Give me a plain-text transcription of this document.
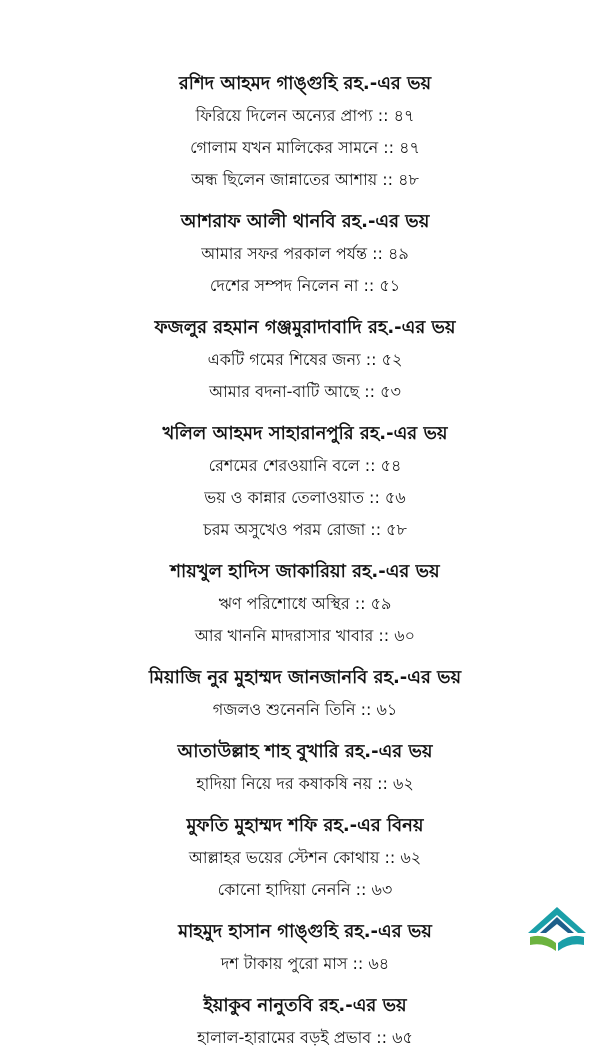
রশিদ আহমদ গাঙ্গুহি রহ.-এর ভয়
ফিরিয়ে দিলেন অন্যের প্রাপ্য :: ৪৭
গোলাম যখন মালিকের সামনে :: ৪৭
অন্ধ ছিলেন জান্নাতের আশায় :: ৪৮
আশরাফ আলী থানবি রহ.-এর ভয়
আমার সফর পরকাল পর্যন্ত :: ৪৯
দেশের সম্পদ নিলেন না :: ৫১
ফজলুর রহমান গঞ্জমুরাদাবাদি রহ.-এর ভয়
একটি গমের শিষের জন্য :: ৫২
আমার বদনা-বাটি আছে :: ৫৩
খলিল আহমদ সাহারানপুরি রহ.-এর ভয়
রেশমের শেরওয়ানি বলে :: ৫৪
ভয় ও কান্নার তেলাওয়াত :: ৫৬
চরম অসুখেও পরম রোজা :: ৫৮
শায়খুল হাদিস জাকারিয়া রহ.-এর ভয়
ঋণ পরিশোধে অস্থির :: ৫৯
আর খাননি মাদরাসার খাবার :: ৬০
মিয়াজি নুর মুহাম্মদ জানজানবি রহ.-এর ভয়
গজলও শুনেননি তিনি :: ৬১
আতাউল্লাহ শাহ বুখারি রহ.-এর ভয়
হাদিয়া নিয়ে দর কষাকষি নয় :: ৬২
মুফতি মুহাম্মদ শফি রহ.-এর বিনয়
আল্লাহর ভয়ের স্টেশন কোথায় :: ৬২
কোনো হাদিয়া নেননি :: ৬৩
মাহমুদ হাসান গাঙ্গুহি রহ.-এর ভয়
দশ টাকায় পুরো মাস :: ৬৪
ইয়াকুব নানুতবি রহ.-এর ভয়
হালাল-হারামের বড়ই প্রভাব :: ৬৫
